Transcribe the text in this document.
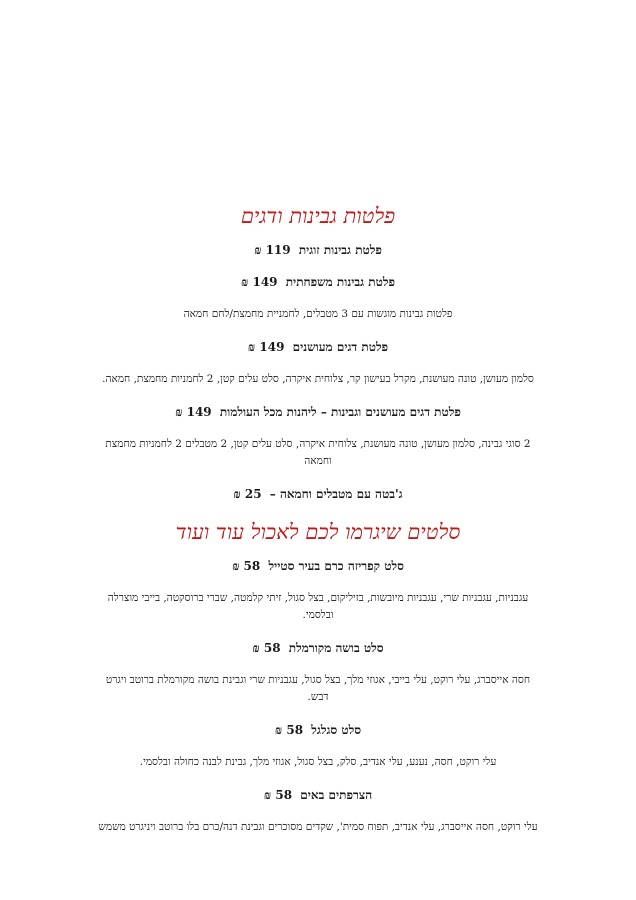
פלטות גבינות ודגים
פלטת גבינות זוגית 119 ₪
פלטת גבינות משפחתית 149 ₪
פלטות גבינות מוגשות עם 3 מטבלים, לחמניית מחמצת/לחם חמאה
פלטת דגים מעושנים 149 ₪
סלמון מעושן, טונה מעושנת, מקרל בעישון קר, צלוחית איקרה, סלט עלים קטן, 2 לחמניות מחמצת, חמאה.
פלטת דגים מעושנים וגבינות – ליהנות מכל העולמות 149 ₪
2 סוגי גבינה, סלמון מעושן, טונה מעושנת, צלוחית איקרה, סלט עלים קטן, 2 מטבלים 2 לחמניות מחמצת וחמאה
ג'בטה עם מטבלים וחמאה – 25 ₪
סלטים שיגרמו לכם לאכול עוד ועוד
סלט קפריזה כרם בעיר סטייל 58 ₪
עגבניות, עגבניות שרי, עגבניות מיובשות, בזיליקום, בצל סגול, זיתי קלמטה, שברי ברוסקטה, בייבי מוצרלה ובלסמי.
סלט בושה מקורמלת 58 ₪
חסה אייסברג, עלי רוקט, עלי בייבי, אגוזי מלך, בצל סגול, עגבניות שרי וגבינת בושה מקורמלת ברוטב ויגרט דבש.
סלט סגלגל 58 ₪
עלי רוקט, חסה, נענע, עלי אנדיב, סלק, בצל סגול, אגוזי מלך, גבינת לבנה כחולה ובלסמי.
הצרפתים באים 58 ₪
עלי רוקט, חסה אייסברג, עלי אנדיב, תפוח סמית', שקדים מסוכרים וגבינת דנה/כרם בלו ברוטב ויניגרט משמש
